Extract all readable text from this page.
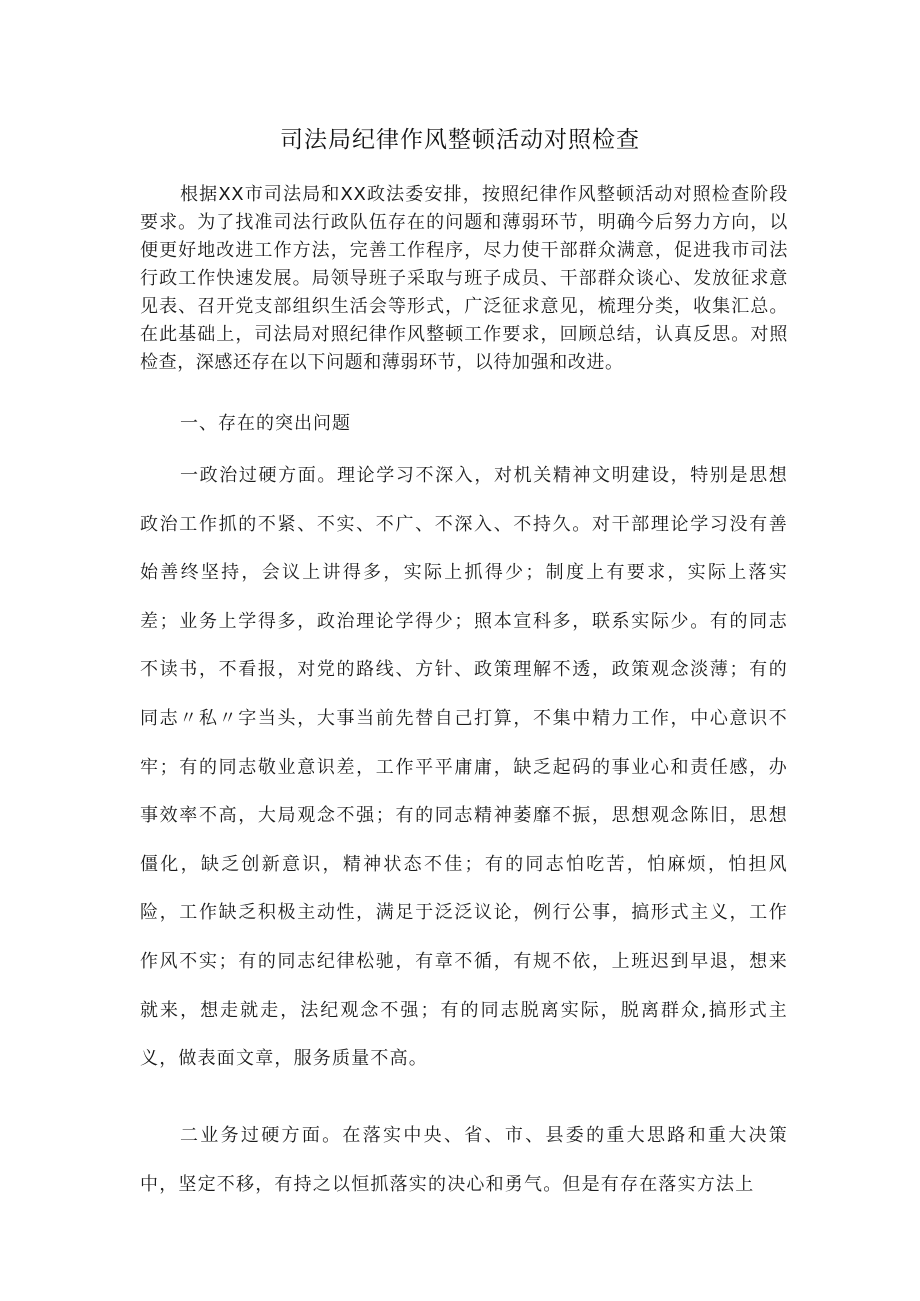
司法局纪律作风整顿活动对照检查

根据XX市司法局和XX政法委安排，按照纪律作风整顿活动对照检查阶段要求。为了找准司法行政队伍存在的问题和薄弱环节，明确今后努力方向，以便更好地改进工作方法，完善工作程序，尽力使干部群众满意，促进我市司法行政工作快速发展。局领导班子采取与班子成员、干部群众谈心、发放征求意见表、召开党支部组织生活会等形式，广泛征求意见，梳理分类，收集汇总。在此基础上，司法局对照纪律作风整顿工作要求，回顾总结，认真反思。对照检查，深感还存在以下问题和薄弱环节，以待加强和改进。

一、存在的突出问题

一政治过硬方面。理论学习不深入，对机关精神文明建设，特别是思想政治工作抓的不紧、不实、不广、不深入、不持久。对干部理论学习没有善始善终坚持，会议上讲得多，实际上抓得少；制度上有要求，实际上落实差；业务上学得多，政治理论学得少；照本宣科多，联系实际少。有的同志不读书，不看报，对党的路线、方针、政策理解不透，政策观念淡薄；有的同志〃私〃字当头，大事当前先替自己打算，不集中精力工作，中心意识不牢；有的同志敬业意识差，工作平平庸庸，缺乏起码的事业心和责任感，办事效率不高，大局观念不强；有的同志精神萎靡不振，思想观念陈旧，思想僵化，缺乏创新意识，精神状态不佳；有的同志怕吃苦，怕麻烦，怕担风险，工作缺乏积极主动性，满足于泛泛议论，例行公事，搞形式主义，工作作风不实；有的同志纪律松驰，有章不循，有规不依，上班迟到早退，想来就来，想走就走，法纪观念不强；有的同志脱离实际，脱离群众,搞形式主义，做表面文章，服务质量不高。

二业务过硬方面。在落实中央、省、市、县委的重大思路和重大决策中，坚定不移，有持之以恒抓落实的决心和勇气。但是有存在落实方法上
